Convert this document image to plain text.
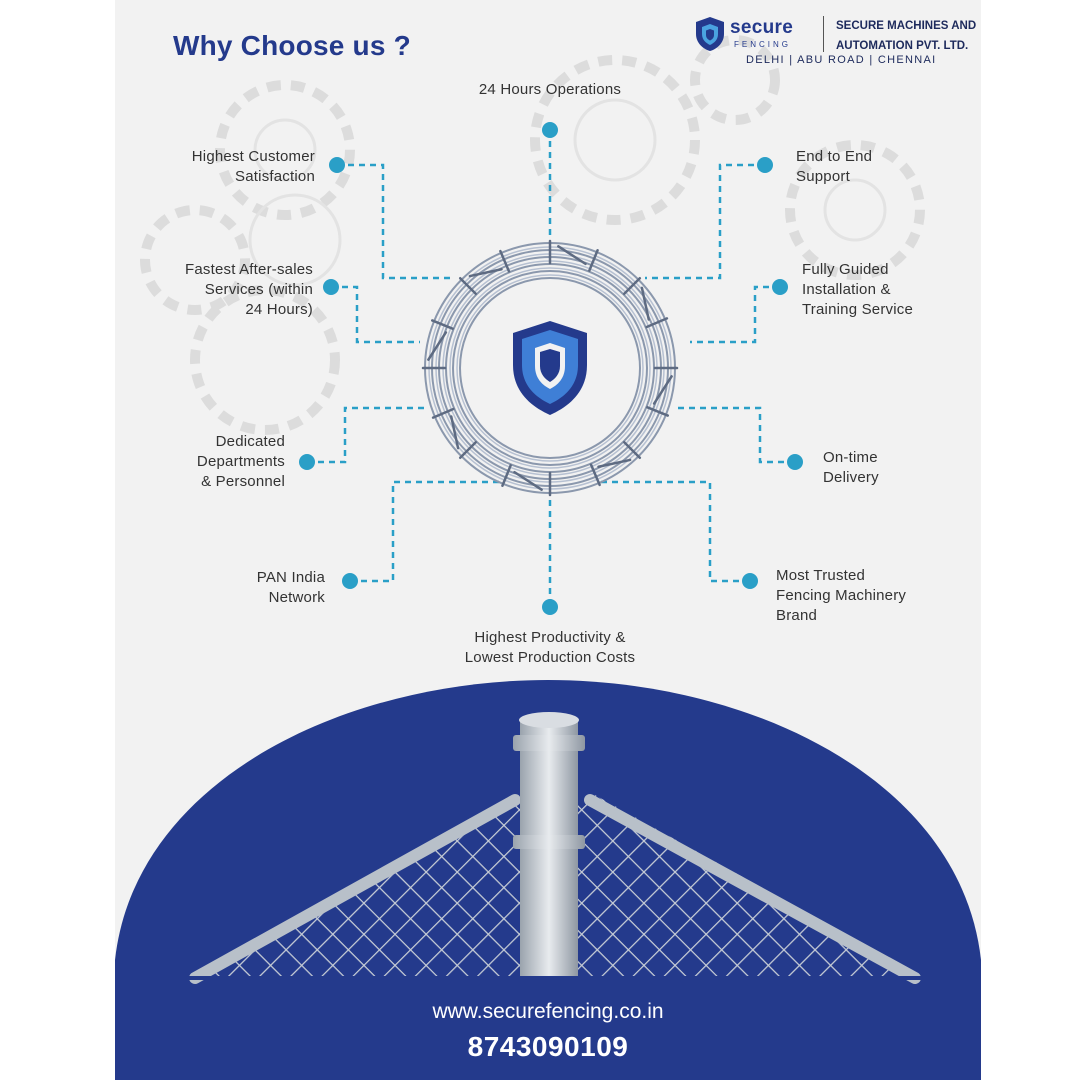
Why Choose us ?
secure
FENCING
SECURE MACHINES AND
AUTOMATION PVT. LTD.
DELHI | ABU ROAD | CHENNAI
24 Hours Operations
Highest Customer
Satisfaction
End to End
Support
Fastest After-sales
Services (within
24 Hours)
Fully Guided
Installation &
Training Service
Dedicated
Departments
& Personnel
On-time
Delivery
PAN India
Network
Most Trusted
Fencing Machinery
Brand
Highest Productivity &
Lowest Production Costs
www.securefencing.co.in
8743090109
